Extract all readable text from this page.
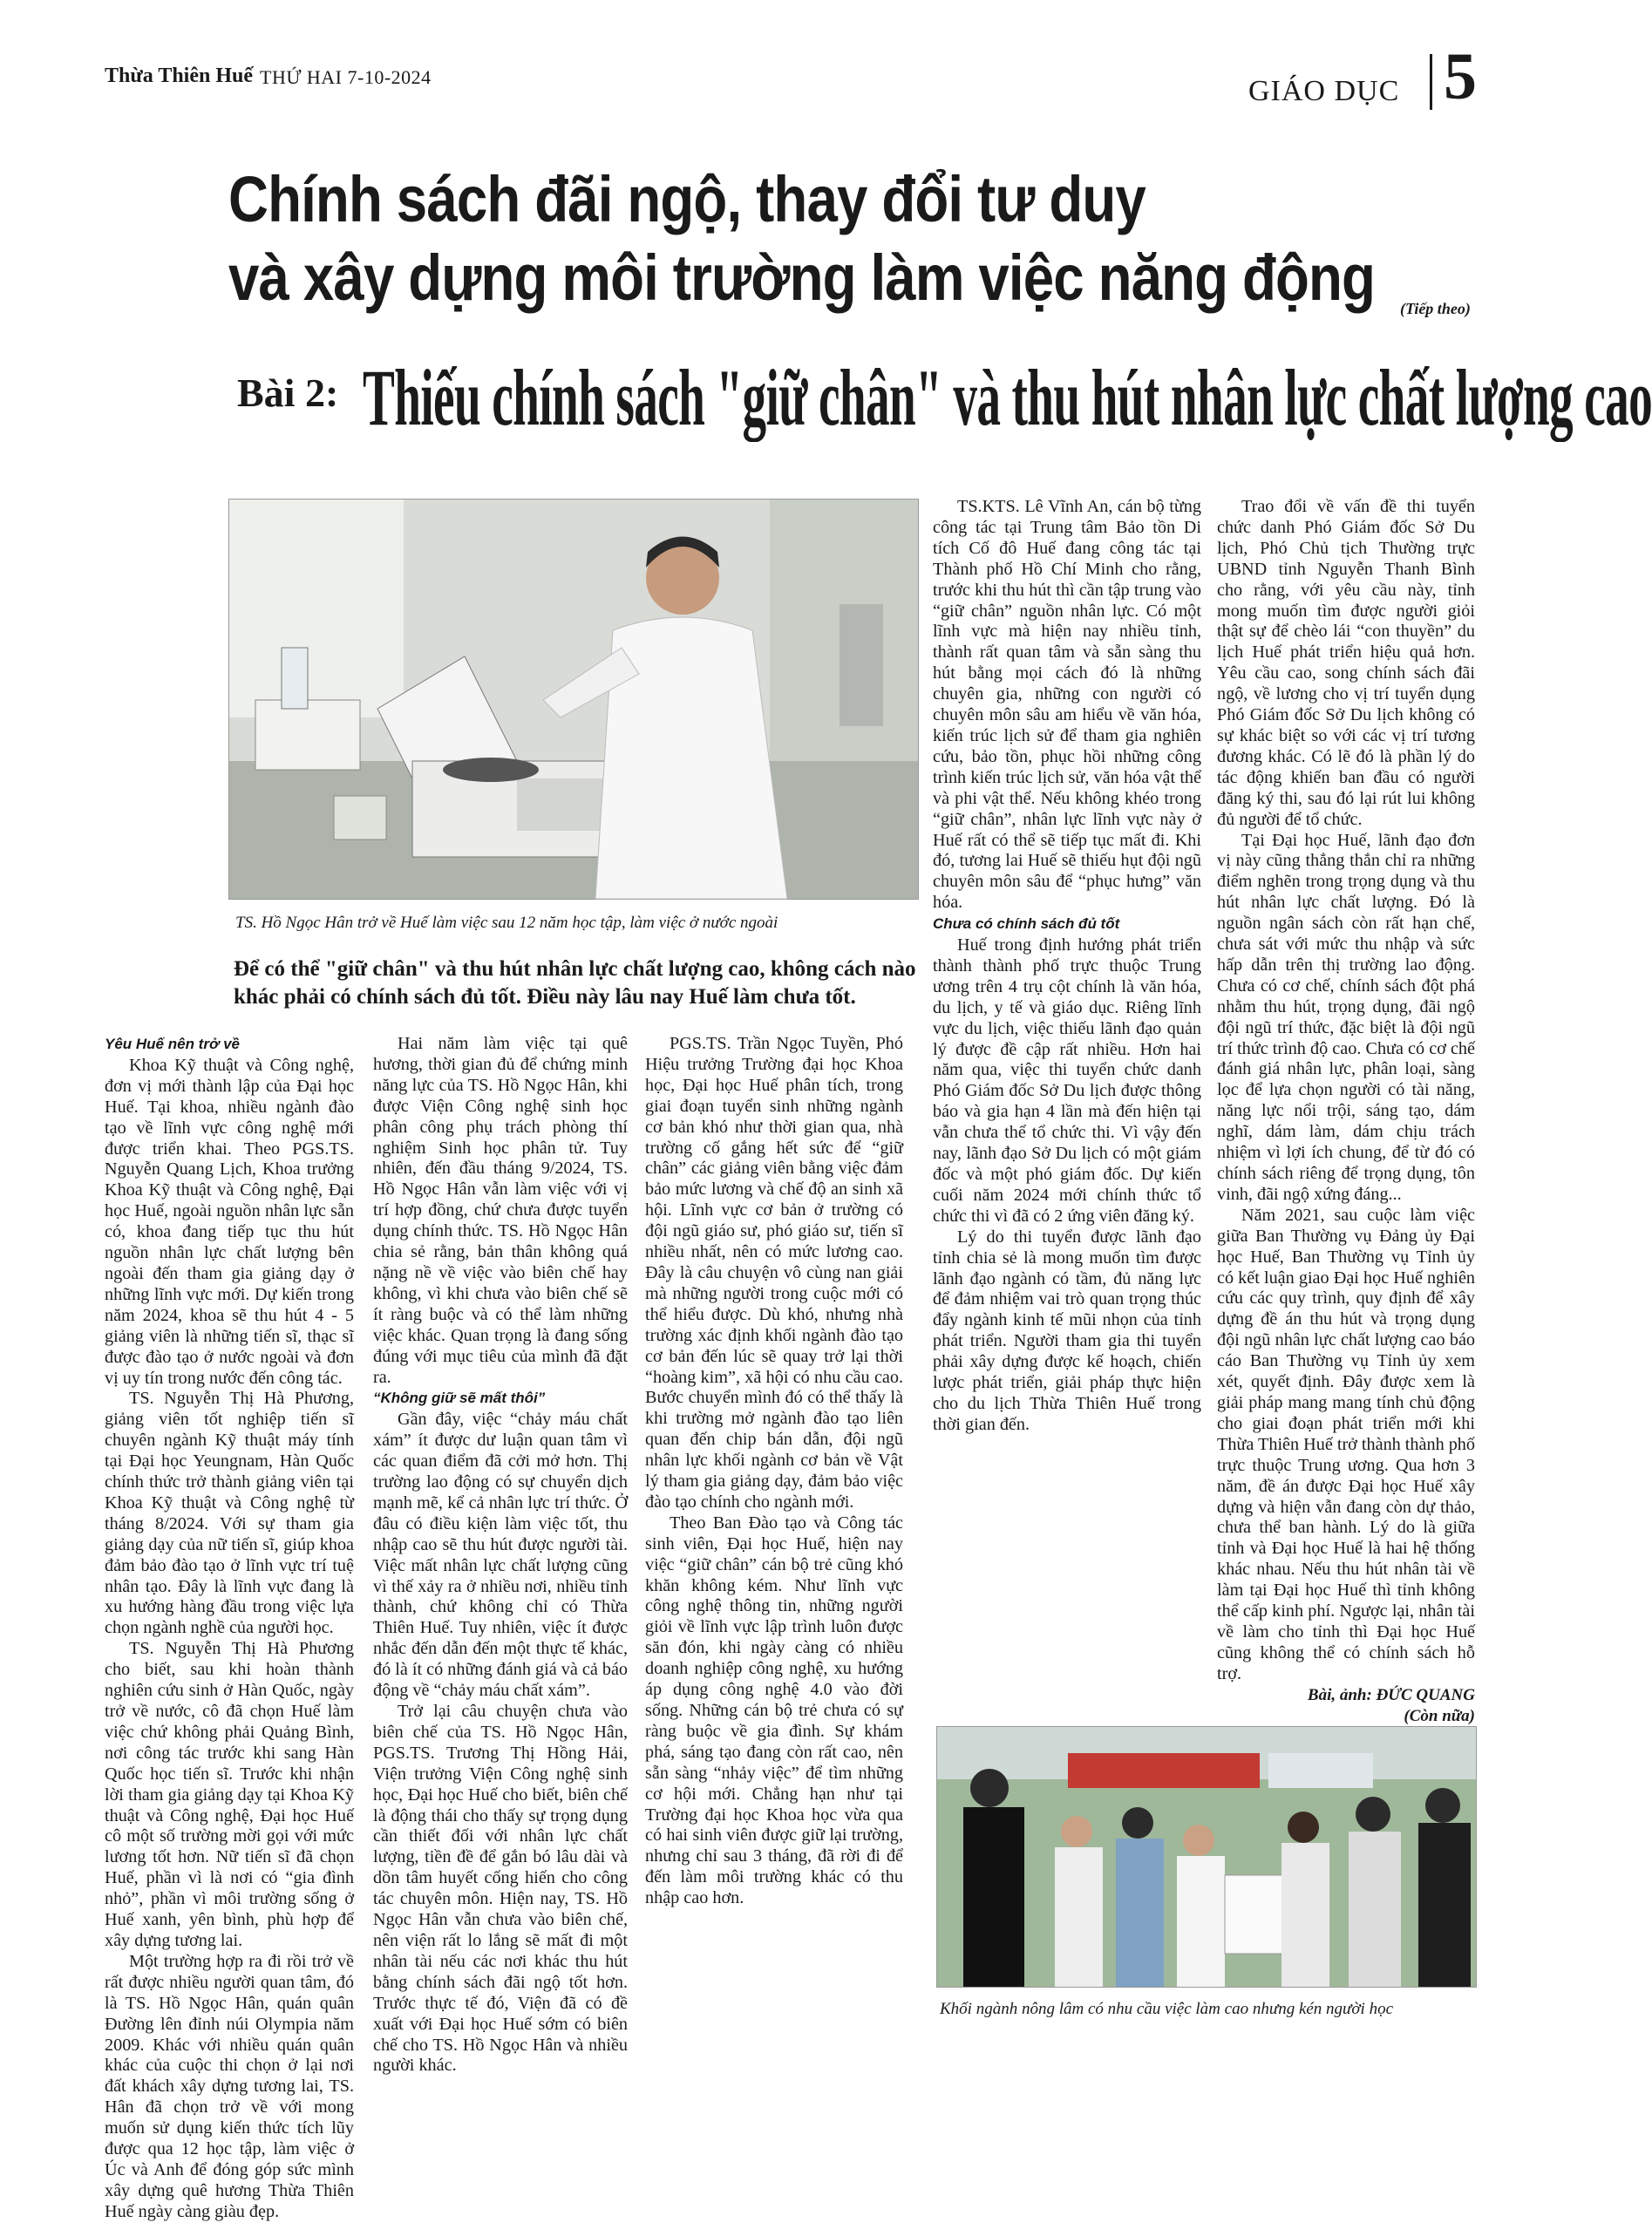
Thừa Thiên Huế THỨ HAI 7-10-2024	GIÁO DỤC 5
Chính sách đãi ngộ, thay đổi tư duy
và xây dựng môi trường làm việc năng động	(Tiếp theo)
Bài 2: Thiếu chính sách "giữ chân" và thu hút nhân lực chất lượng cao
TS. Hồ Ngọc Hân trở về Huế làm việc sau 12 năm học tập, làm việc ở nước ngoài
Để có thể "giữ chân" và thu hút nhân lực chất lượng cao, không cách nào khác phải có chính sách đủ tốt. Điều này lâu nay Huế làm chưa tốt.

Yêu Huế nên trở về

Khoa Kỹ thuật và Công nghệ, đơn vị mới thành lập của Đại học Huế. Tại khoa, nhiều ngành đào tạo về lĩnh vực công nghệ mới được triển khai. Theo PGS.TS. Nguyễn Quang Lịch, Khoa trưởng Khoa Kỹ thuật và Công nghệ, Đại học Huế, ngoài nguồn nhân lực sẵn có, khoa đang tiếp tục thu hút nguồn nhân lực chất lượng bên ngoài đến tham gia giảng dạy ở những lĩnh vực mới. Dự kiến trong năm 2024, khoa sẽ thu hút 4 - 5 giảng viên là những tiến sĩ, thạc sĩ được đào tạo ở nước ngoài và đơn vị uy tín trong nước đến công tác.

TS. Nguyễn Thị Hà Phương, giảng viên tốt nghiệp tiến sĩ chuyên ngành Kỹ thuật máy tính tại Đại học Yeungnam, Hàn Quốc chính thức trở thành giảng viên tại Khoa Kỹ thuật và Công nghệ từ tháng 8/2024. Với sự tham gia giảng dạy của nữ tiến sĩ, giúp khoa đảm bảo đào tạo ở lĩnh vực trí tuệ nhân tạo. Đây là lĩnh vực đang là xu hướng hàng đầu trong việc lựa chọn ngành nghề của người học.

TS. Nguyễn Thị Hà Phương cho biết, sau khi hoàn thành nghiên cứu sinh ở Hàn Quốc, ngày trở về nước, cô đã chọn Huế làm việc chứ không phải Quảng Bình, nơi công tác trước khi sang Hàn Quốc học tiến sĩ. Trước khi nhận lời tham gia giảng dạy tại Khoa Kỹ thuật và Công nghệ, Đại học Huế cô một số trường mời gọi với mức lương tốt hơn. Nữ tiến sĩ đã chọn Huế, phần vì là nơi có “gia đình nhỏ”, phần vì môi trường sống ở Huế xanh, yên bình, phù hợp để xây dựng tương lai.

Một trường hợp ra đi rồi trở về rất được nhiều người quan tâm, đó là TS. Hồ Ngọc Hân, quán quân Đường lên đỉnh núi Olympia năm 2009. Khác với nhiều quán quân khác của cuộc thi chọn ở lại nơi đất khách xây dựng tương lai, TS. Hân đã chọn trở về với mong muốn sử dụng kiến thức tích lũy được qua 12 học tập, làm việc ở Úc và Anh để đóng góp sức mình xây dựng quê hương Thừa Thiên Huế ngày càng giàu đẹp.

Hai năm làm việc tại quê hương, thời gian đủ để chứng minh năng lực của TS. Hồ Ngọc Hân, khi được Viện Công nghệ sinh học phân công phụ trách phòng thí nghiệm Sinh học phân tử. Tuy nhiên, đến đầu tháng 9/2024, TS. Hồ Ngọc Hân vẫn làm việc với vị trí hợp đồng, chứ chưa được tuyển dụng chính thức. TS. Hồ Ngọc Hân chia sẻ rằng, bản thân không quá nặng nề về việc vào biên chế hay không, vì khi chưa vào biên chế sẽ ít ràng buộc và có thể làm những việc khác. Quan trọng là đang sống đúng với mục tiêu của mình đã đặt ra.

“Không giữ sẽ mất thôi”

Gần đây, việc “chảy máu chất xám” ít được dư luận quan tâm vì các quan điểm đã cởi mở hơn. Thị trường lao động có sự chuyển dịch mạnh mẽ, kể cả nhân lực trí thức. Ở đâu có điều kiện làm việc tốt, thu nhập cao sẽ thu hút được người tài. Việc mất nhân lực chất lượng cũng vì thế xảy ra ở nhiều nơi, nhiều tỉnh thành, chứ không chỉ có Thừa Thiên Huế. Tuy nhiên, việc ít được nhắc đến dẫn đến một thực tế khác, đó là ít có những đánh giá và cả báo động về “chảy máu chất xám”.

Trở lại câu chuyện chưa vào biên chế của TS. Hồ Ngọc Hân, PGS.TS. Trương Thị Hồng Hải, Viện trưởng Viện Công nghệ sinh học, Đại học Huế cho biết, biên chế là động thái cho thấy sự trọng dụng cần thiết đối với nhân lực chất lượng, tiền đề để gắn bó lâu dài và dồn tâm huyết cống hiến cho công tác chuyên môn. Hiện nay, TS. Hồ Ngọc Hân vẫn chưa vào biên chế, nên viện rất lo lắng sẽ mất đi một nhân tài nếu các nơi khác thu hút bằng chính sách đãi ngộ tốt hơn. Trước thực tế đó, Viện đã có đề xuất với Đại học Huế sớm có biên chế cho TS. Hồ Ngọc Hân và nhiều người khác.

PGS.TS. Trần Ngọc Tuyền, Phó Hiệu trưởng Trường đại học Khoa học, Đại học Huế phân tích, trong giai đoạn tuyển sinh những ngành cơ bản khó như thời gian qua, nhà trường cố gắng hết sức để “giữ chân” các giảng viên bằng việc đảm bảo mức lương và chế độ an sinh xã hội. Lĩnh vực cơ bản ở trường có đội ngũ giáo sư, phó giáo sư, tiến sĩ nhiều nhất, nên có mức lương cao. Đây là câu chuyện vô cùng nan giải mà những người trong cuộc mới có thể hiểu được. Dù khó, nhưng nhà trường xác định khối ngành đào tạo cơ bản đến lúc sẽ quay trở lại thời “hoàng kim”, xã hội có nhu cầu cao. Bước chuyển mình đó có thể thấy là khi trường mở ngành đào tạo liên quan đến chip bán dẫn, đội ngũ nhân lực khối ngành cơ bản về Vật lý tham gia giảng dạy, đảm bảo việc đào tạo chính cho ngành mới.

Theo Ban Đào tạo và Công tác sinh viên, Đại học Huế, hiện nay việc “giữ chân” cán bộ trẻ cũng khó khăn không kém. Như lĩnh vực công nghệ thông tin, những người giỏi về lĩnh vực lập trình luôn được săn đón, khi ngày càng có nhiều doanh nghiệp công nghệ, xu hướng áp dụng công nghệ 4.0 vào đời sống. Những cán bộ trẻ chưa có sự ràng buộc về gia đình. Sự khám phá, sáng tạo đang còn rất cao, nên sẵn sàng “nhảy việc” để tìm những cơ hội mới. Chẳng hạn như tại Trường đại học Khoa học vừa qua có hai sinh viên được giữ lại trường, nhưng chỉ sau 3 tháng, đã rời đi để đến làm môi trường khác có thu nhập cao hơn.

TS.KTS. Lê Vĩnh An, cán bộ từng công tác tại Trung tâm Bảo tồn Di tích Cố đô Huế đang công tác tại Thành phố Hồ Chí Minh cho rằng, trước khi thu hút thì cần tập trung vào “giữ chân” nguồn nhân lực. Có một lĩnh vực mà hiện nay nhiều tỉnh, thành rất quan tâm và sẵn sàng thu hút bằng mọi cách đó là những chuyên gia, những con người có chuyên môn sâu am hiểu về văn hóa, kiến trúc lịch sử để tham gia nghiên cứu, bảo tồn, phục hồi những công trình kiến trúc lịch sử, văn hóa vật thể và phi vật thể. Nếu không khéo trong “giữ chân”, nhân lực lĩnh vực này ở Huế rất có thể sẽ tiếp tục mất đi. Khi đó, tương lai Huế sẽ thiếu hụt đội ngũ chuyên môn sâu để “phục hưng” văn hóa.

Chưa có chính sách đủ tốt

Huế trong định hướng phát triển thành thành phố trực thuộc Trung ương trên 4 trụ cột chính là văn hóa, du lịch, y tế và giáo dục. Riêng lĩnh vực du lịch, việc thiếu lãnh đạo quản lý được đề cập rất nhiều. Hơn hai năm qua, việc thi tuyển chức danh Phó Giám đốc Sở Du lịch được thông báo và gia hạn 4 lần mà đến hiện tại vẫn chưa thể tổ chức thi. Vì vậy đến nay, lãnh đạo Sở Du lịch có một giám đốc và một phó giám đốc. Dự kiến cuối năm 2024 mới chính thức tổ chức thi vì đã có 2 ứng viên đăng ký.

Lý do thi tuyển được lãnh đạo tỉnh chia sẻ là mong muốn tìm được lãnh đạo ngành có tầm, đủ năng lực để đảm nhiệm vai trò quan trọng thúc đẩy ngành kinh tế mũi nhọn của tỉnh phát triển. Người tham gia thi tuyển phải xây dựng được kế hoạch, chiến lược phát triển, giải pháp thực hiện cho du lịch Thừa Thiên Huế trong thời gian đến.

Trao đổi về vấn đề thi tuyển chức danh Phó Giám đốc Sở Du lịch, Phó Chủ tịch Thường trực UBND tỉnh Nguyễn Thanh Bình cho rằng, với yêu cầu này, tỉnh mong muốn tìm được người giỏi thật sự để chèo lái “con thuyền” du lịch Huế phát triển hiệu quả hơn. Yêu cầu cao, song chính sách đãi ngộ, về lương cho vị trí tuyển dụng Phó Giám đốc Sở Du lịch không có sự khác biệt so với các vị trí tương đương khác. Có lẽ đó là phần lý do tác động khiến ban đầu có người đăng ký thi, sau đó lại rút lui không đủ người để tổ chức.

Tại Đại học Huế, lãnh đạo đơn vị này cũng thẳng thắn chỉ ra những điểm nghẽn trong trọng dụng và thu hút nhân lực chất lượng. Đó là nguồn ngân sách còn rất hạn chế, chưa sát với mức thu nhập và sức hấp dẫn trên thị trường lao động. Chưa có cơ chế, chính sách đột phá nhằm thu hút, trọng dụng, đãi ngộ đội ngũ trí thức, đặc biệt là đội ngũ trí thức trình độ cao. Chưa có cơ chế đánh giá nhân lực, phân loại, sàng lọc để lựa chọn người có tài năng, năng lực nổi trội, sáng tạo, dám nghĩ, dám làm, dám chịu trách nhiệm vì lợi ích chung, để từ đó có chính sách riêng để trọng dụng, tôn vinh, đãi ngộ xứng đáng...

Năm 2021, sau cuộc làm việc giữa Ban Thường vụ Đảng ủy Đại học Huế, Ban Thường vụ Tỉnh ủy có kết luận giao Đại học Huế nghiên cứu các quy trình, quy định để xây dựng đề án thu hút và trọng dụng đội ngũ nhân lực chất lượng cao báo cáo Ban Thường vụ Tỉnh ủy xem xét, quyết định. Đây được xem là giải pháp mang mang tính chủ động cho giai đoạn phát triển mới khi Thừa Thiên Huế trở thành thành phố trực thuộc Trung ương. Qua hơn 3 năm, đề án được Đại học Huế xây dựng và hiện vẫn đang còn dự thảo, chưa thể ban hành. Lý do là giữa tỉnh và Đại học Huế là hai hệ thống khác nhau. Nếu thu hút nhân tài về làm tại Đại học Huế thì tỉnh không thể cấp kinh phí. Ngược lại, nhân tài về làm cho tỉnh thì Đại học Huế cũng không thể có chính sách hỗ trợ.

Bài, ảnh: ĐỨC QUANG

(Còn nữa)

Khối ngành nông lâm có nhu cầu việc làm cao nhưng kén người học
